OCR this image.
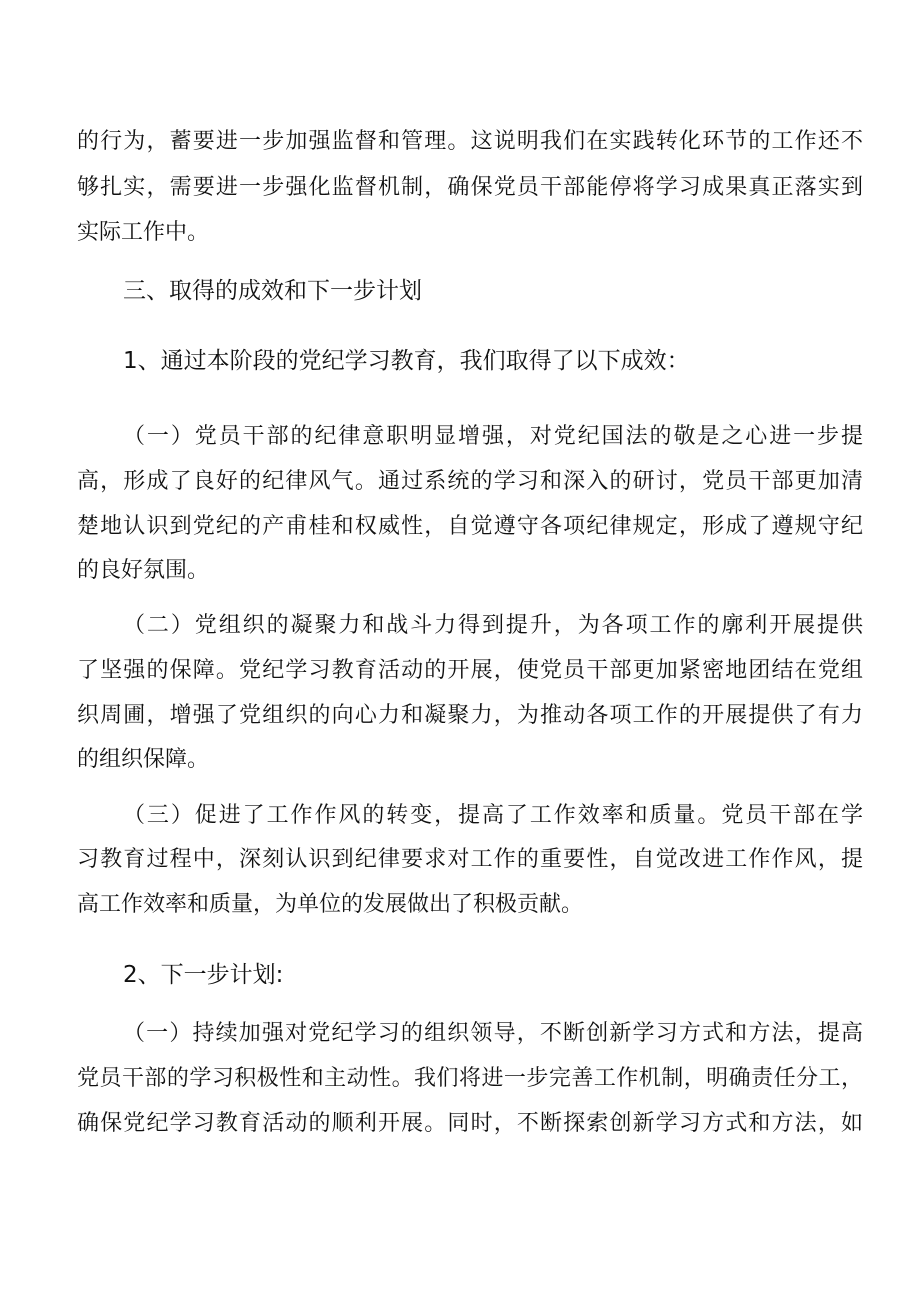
的行为，蓄要进一步加强监督和管理。这说明我们在实践转化环节的工作还不
够扎实，需要进一步强化监督机制，确保党员干部能停将学习成果真正落实到
实际工作中。
三、取得的成效和下一步计划
1、通过本阶段的党纪学习教育，我们取得了以下成效：
（一）党员干部的纪律意职明显增强，对党纪国法的敬是之心进一步提
高，形成了良好的纪律风气。通过系统的学习和深入的研讨，党员干部更加清
楚地认识到党纪的产甫桂和权威性，自觉遵守各项纪律规定，形成了遵规守纪
的良好氛围。
（二）党组织的凝聚力和战斗力得到提升，为各项工作的廓利开展提供
了坚强的保障。党纪学习教育活动的开展，使党员干部更加紧密地团结在党组
织周圃，增强了党组织的向心力和凝聚力，为推动各项工作的开展提供了有力
的组织保障。
（三）促进了工作作风的转变，提高了工作效率和质量。党员干部在学
习教育过程中，深刻认识到纪律要求对工作的重要性，自觉改进工作作风，提
高工作效率和质量，为单位的发展做出了积极贡献。
2、下一步计划:
（一）持续加强对党纪学习的组织领导，不断创新学习方式和方法，提高
党员干部的学习积极性和主动性。我们将进一步完善工作机制，明确责任分工，
确保党纪学习教育活动的顺利开展。同时，不断探索创新学习方式和方法，如
